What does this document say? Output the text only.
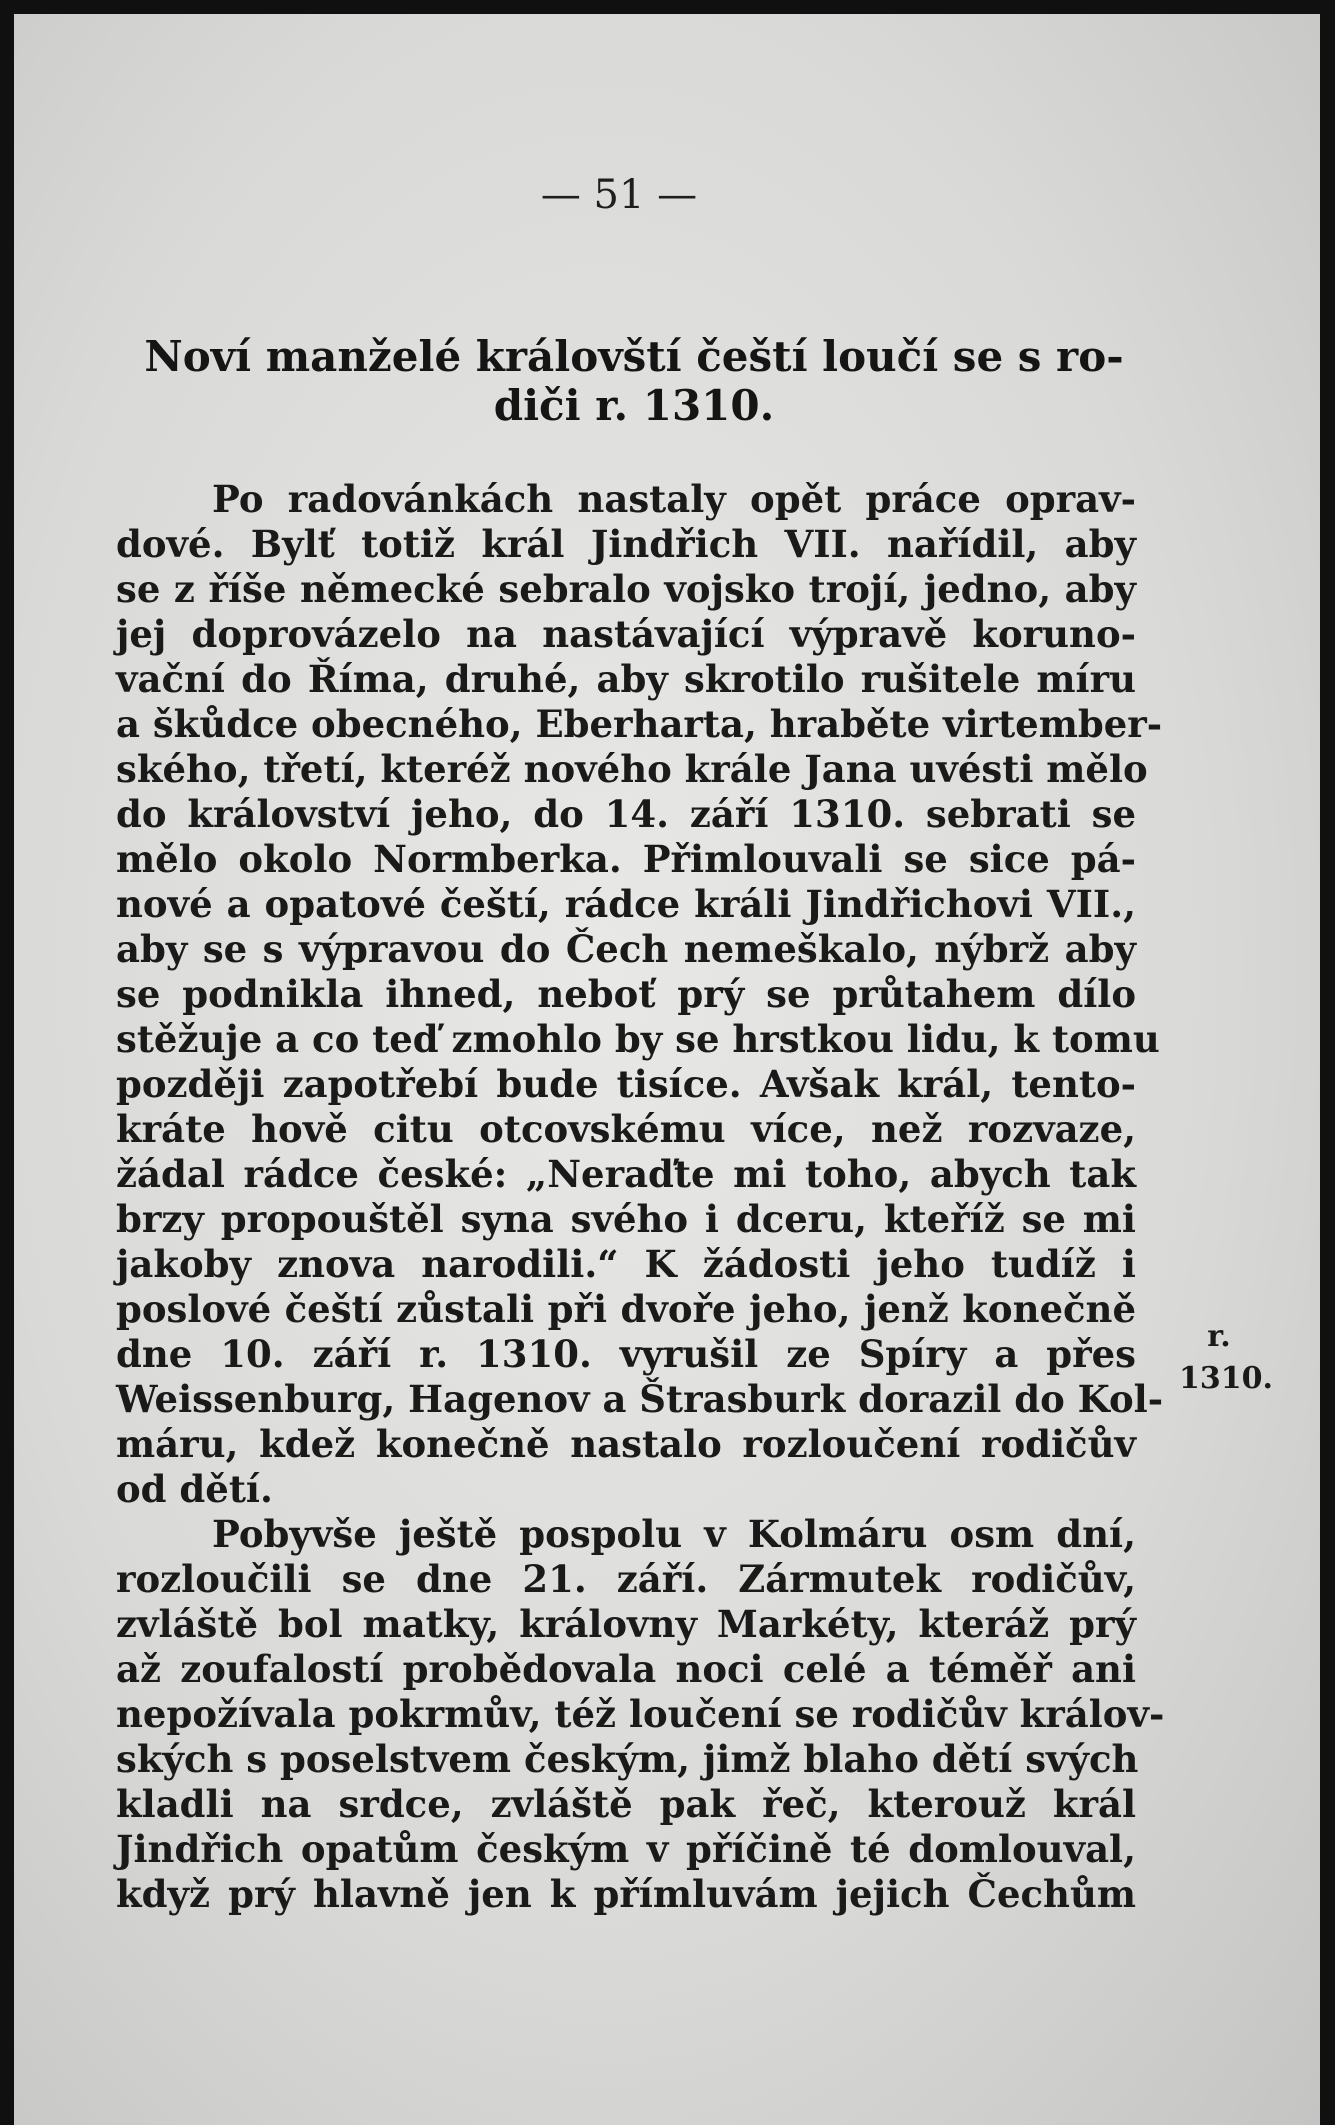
— 51 —
Noví manželé královští čeští loučí se s ro-
diči r. 1310.
Po radovánkách nastaly opět práce oprav-
dové. Bylť totiž král Jindřich VII. nařídil, aby
se z říše německé sebralo vojsko trojí, jedno, aby
jej doprovázelo na nastávající výpravě koruno-
vační do Říma, druhé, aby skrotilo rušitele míru
a škůdce obecného, Eberharta, hraběte virtember-
ského, třetí, kteréž nového krále Jana uvésti mělo
do království jeho, do 14. září 1310. sebrati se
mělo okolo Normberka. Přimlouvali se sice pá-
nové a opatové čeští, rádce králi Jindřichovi VII.,
aby se s výpravou do Čech nemeškalo, nýbrž aby
se podnikla ihned, neboť prý se průtahem dílo
stěžuje a co teď zmohlo by se hrstkou lidu, k tomu
později zapotřebí bude tisíce. Avšak král, tento-
kráte hově citu otcovskému více, než rozvaze,
žádal rádce české: „Neraďte mi toho, abych tak
brzy propouštěl syna svého i dceru, kteříž se mi
jakoby znova narodili.“ K žádosti jeho tudíž i
poslové čeští zůstali při dvoře jeho, jenž konečně
dne 10. září r. 1310. vyrušil ze Spíry a přes
Weissenburg, Hagenov a Štrasburk dorazil do Kol-
máru, kdež konečně nastalo rozloučení rodičův
od dětí.
Pobyvše ještě pospolu v Kolmáru osm dní,
rozloučili se dne 21. září. Zármutek rodičův,
zvláště bol matky, královny Markéty, kteráž prý
až zoufalostí probědovala noci celé a téměř ani
nepožívala pokrmův, též loučení se rodičův králov-
ských s poselstvem českým, jimž blaho dětí svých
kladli na srdce, zvláště pak řeč, kterouž král
Jindřich opatům českým v příčině té domlouval,
když prý hlavně jen k přímluvám jejich Čechům
r.
1310.
